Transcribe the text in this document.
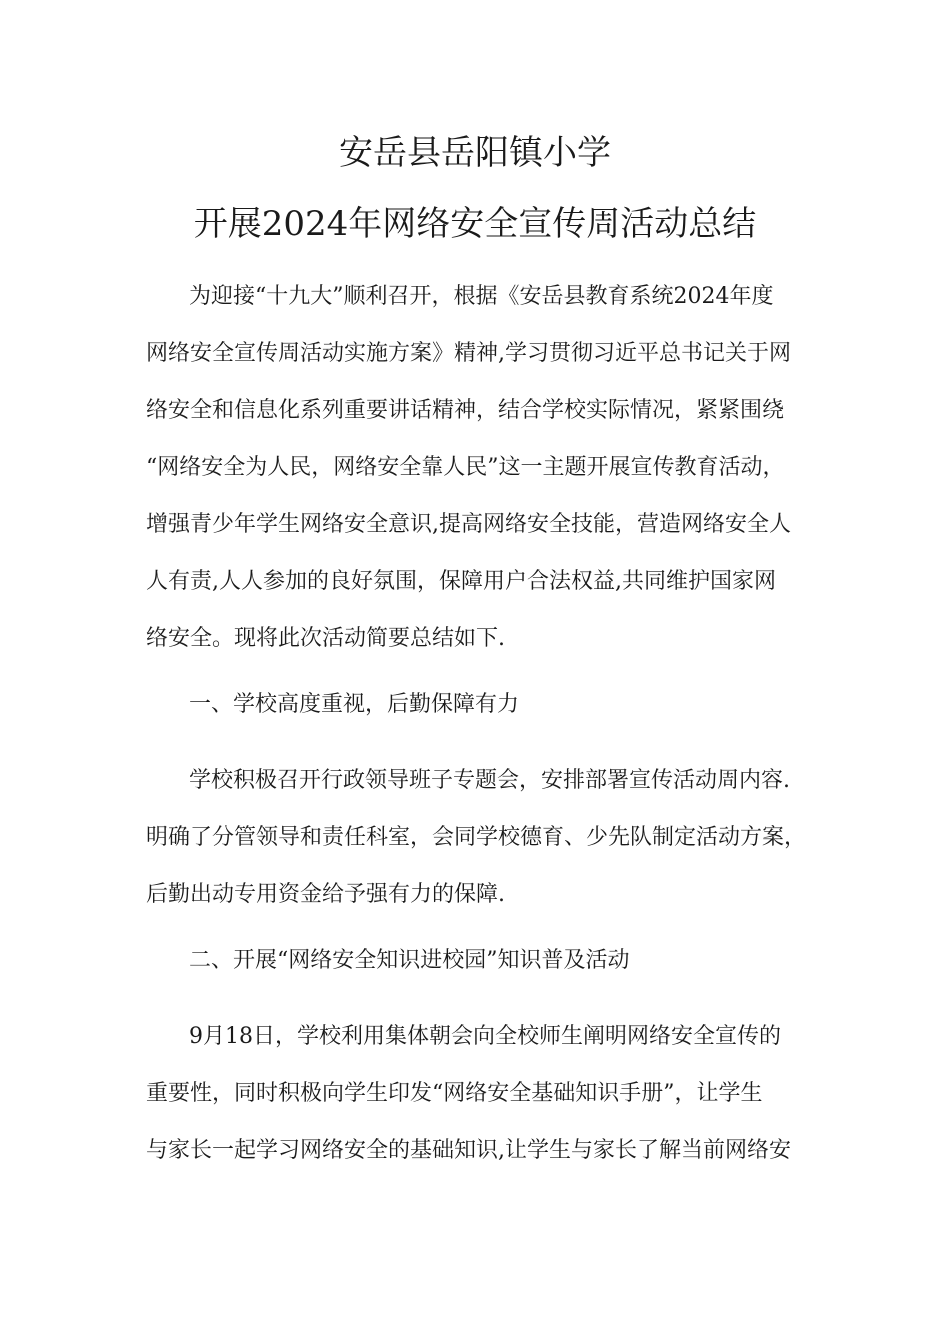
安岳县岳阳镇小学
开展2024年网络安全宣传周活动总结

为迎接“十九大”顺利召开，根据《安岳县教育系统2024年度

网络安全宣传周活动实施方案》精神,学习贯彻习近平总书记关于网

络安全和信息化系列重要讲话精神，结合学校实际情况，紧紧围绕

“网络安全为人民，网络安全靠人民”这一主题开展宣传教育活动，

增强青少年学生网络安全意识,提高网络安全技能，营造网络安全人

人有责,人人参加的良好氛围，保障用户合法权益,共同维护国家网

络安全。现将此次活动简要总结如下.

一、学校高度重视，后勤保障有力

学校积极召开行政领导班子专题会，安排部署宣传活动周内容.

明确了分管领导和责任科室，会同学校德育、少先队制定活动方案，

后勤出动专用资金给予强有力的保障.

二、开展“网络安全知识进校园”知识普及活动

9月18日，学校利用集体朝会向全校师生阐明网络安全宣传的

重要性，同时积极向学生印发“网络安全基础知识手册”，让学生

与家长一起学习网络安全的基础知识,让学生与家长了解当前网络安
